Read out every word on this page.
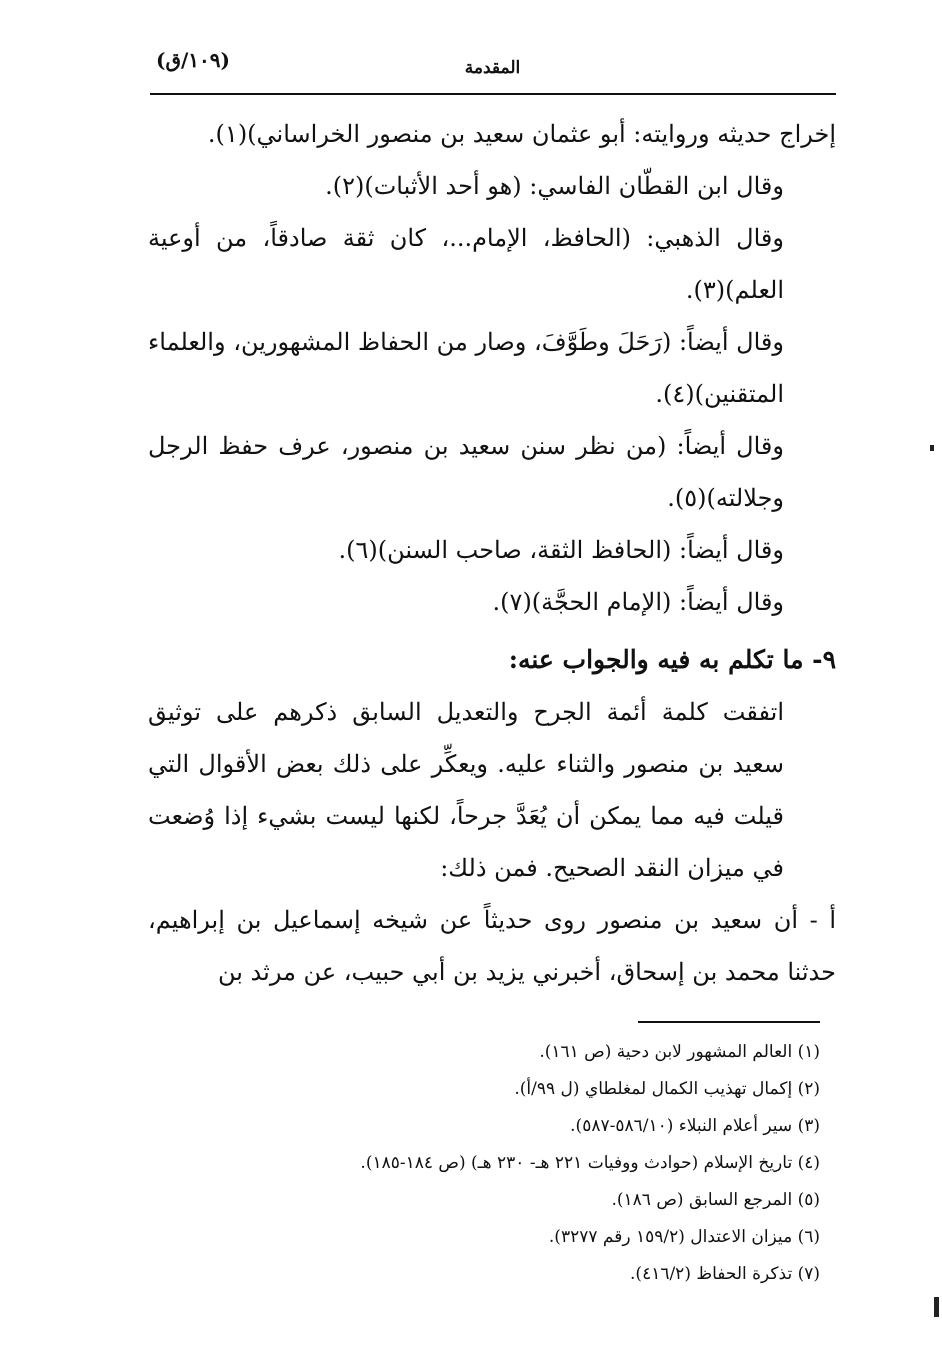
المقدمة
(١٠٩/ق)

إخراج حديثه وروايته: أبو عثمان سعيد بن منصور الخراساني)(١).

وقال ابن القطّان الفاسي: (هو أحد الأثبات)(٢).

وقال الذهبي: (الحافظ، الإمام...، كان ثقة صادقاً، من أوعية العلم)(٣).

وقال أيضاً: (رَحَلَ وطَوَّفَ، وصار من الحفاظ المشهورين، والعلماء المتقنين)(٤).

وقال أيضاً: (من نظر سنن سعيد بن منصور، عرف حفظ الرجل وجلالته)(٥).

وقال أيضاً: (الحافظ الثقة، صاحب السنن)(٦).

وقال أيضاً: (الإمام الحجَّة)(٧).

٩- ما تكلم به فيه والجواب عنه:

اتفقت كلمة أئمة الجرح والتعديل السابق ذكرهم على توثيق سعيد بن منصور والثناء عليه. ويعكِّر على ذلك بعض الأقوال التي قيلت فيه مما يمكن أن يُعَدَّ جرحاً، لكنها ليست بشيء إذا وُضعت في ميزان النقد الصحيح. فمن ذلك:

أ - أن سعيد بن منصور روى حديثاً عن شيخه إسماعيل بن إبراهيم، حدثنا محمد بن إسحاق، أخبرني يزيد بن أبي حبيب، عن مرثد بن

(١) العالم المشهور لابن دحية (ص ١٦١).

(٢) إكمال تهذيب الكمال لمغلطاي (ل ٩٩/أ).

(٣) سير أعلام النبلاء (٥٨٦/١٠-٥٨٧).

(٤) تاريخ الإسلام (حوادث ووفيات ٢٢١ هـ- ٢٣٠ هـ) (ص ١٨٤-١٨٥).

(٥) المرجع السابق (ص ١٨٦).

(٦) ميزان الاعتدال (١٥٩/٢ رقم ٣٢٧٧).

(٧) تذكرة الحفاظ (٤١٦/٢).
